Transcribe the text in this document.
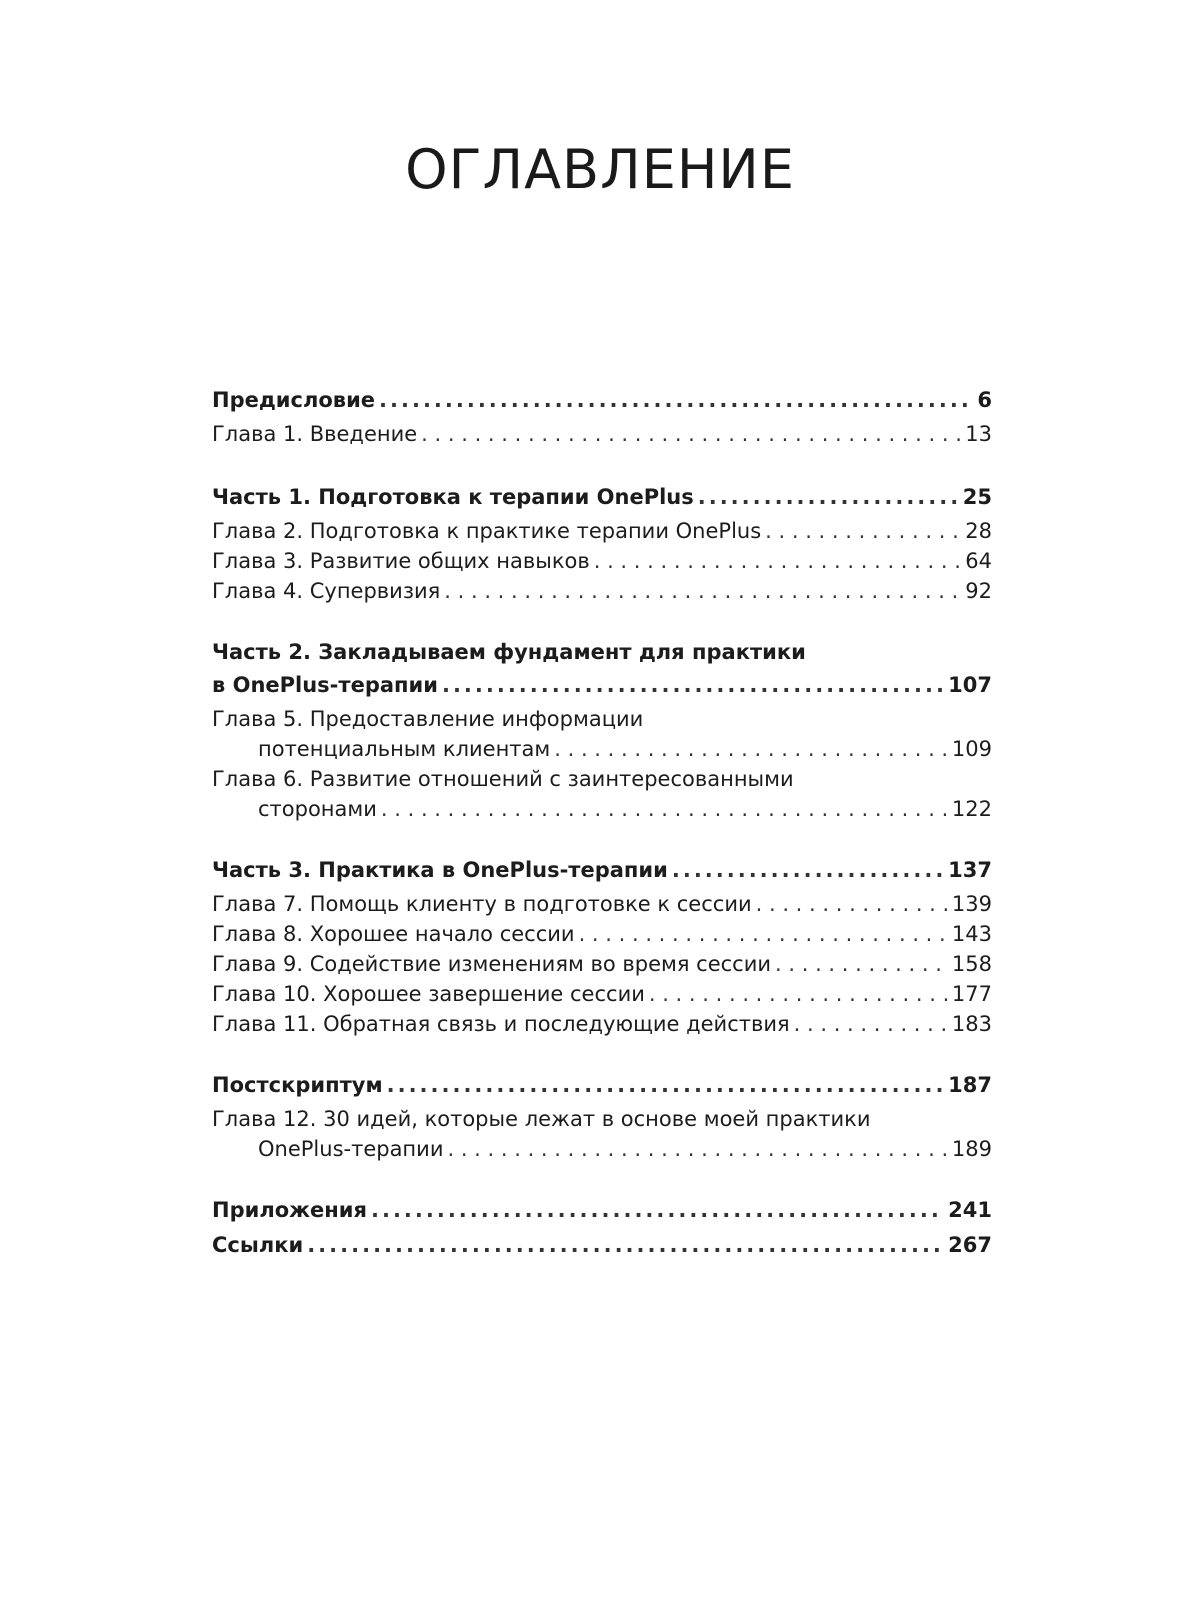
ОГЛАВЛЕНИЕ
Предисловие .....	6
Глава 1. Введение . . .	13
Часть 1. Подготовка к терапии OnePlus .....	25
Глава 2. Подготовка к практике терапии OnePlus . . .	28
Глава 3. Развитие общих навыков . . .	64
Глава 4. Супервизия . . .	92
Часть 2. Закладываем фундамент для практики
в OnePlus-терапии .....	107
Глава 5. Предоставление информации
потенциальным клиентам . . .	109
Глава 6. Развитие отношений с заинтересованными
сторонами . . .	122
Часть 3. Практика в OnePlus-терапии .....	137
Глава 7. Помощь клиенту в подготовке к сессии . . .	139
Глава 8. Хорошее начало сессии . . .	143
Глава 9. Содействие изменениям во время сессии . . .	158
Глава 10. Хорошее завершение сессии . . .	177
Глава 11. Обратная связь и последующие действия . . .	183
Постскриптум .....	187
Глава 12. 30 идей, которые лежат в основе моей практики
OnePlus-терапии . . .	189
Приложения .....	241
Ссылки .....	267
